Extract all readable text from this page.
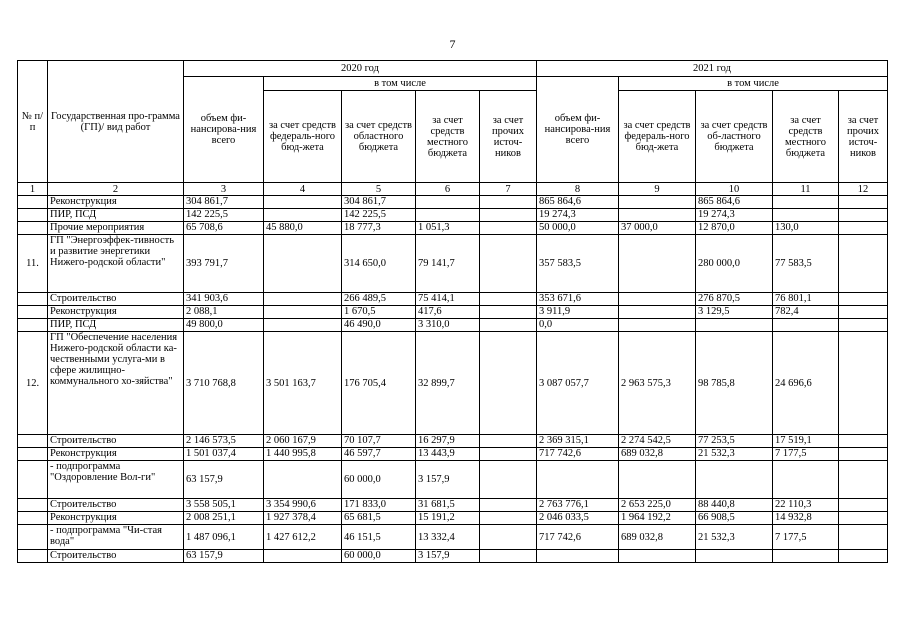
7
№ п/п	Государственная про-грамма (ГП)/ вид работ	2020 год					2021 год				
		объем фи-нансирова-ния всего	в том числе				объем фи-нансирова-ния всего	в том числе			
			за счет средств федераль-ного бюд-жета	за счет средств областного бюджета	за счет средств местного бюджета	за счет прочих источ-ников		за счет средств федераль-ного бюд-жета	за счет средств об-ластного бюджета	за счет средств местного бюджета	за счет прочих источ-ников
1	2	3	4	5	6	7	8	9	10	11	12
	Реконструкция	304 861,7		304 861,7			865 864,6		865 864,6		
	ПИР, ПСД	142 225,5		142 225,5			19 274,3		19 274,3		
	Прочие мероприятия	65 708,6	45 880,0	18 777,3	1 051,3		50 000,0	37 000,0	12 870,0	130,0	
11.	ГП "Энергоэффек-тивность и развитие энергетики Нижего-родской области"	393 791,7		314 650,0	79 141,7		357 583,5		280 000,0	77 583,5	
	Строительство	341 903,6		266 489,5	75 414,1		353 671,6		276 870,5	76 801,1	
	Реконструкция	2 088,1		1 670,5	417,6		3 911,9		3 129,5	782,4	
	ПИР, ПСД	49 800,0		46 490,0	3 310,0		0,0				
12.	ГП "Обеспечение населения Нижего-родской области ка-чественными услуга-ми в сфере жилищно-коммунального хо-зяйства"	3 710 768,8	3 501 163,7	176 705,4	32 899,7		3 087 057,7	2 963 575,3	98 785,8	24 696,6	
	Строительство	2 146 573,5	2 060 167,9	70 107,7	16 297,9		2 369 315,1	2 274 542,5	77 253,5	17 519,1	
	Реконструкция	1 501 037,4	1 440 995,8	46 597,7	13 443,9		717 742,6	689 032,8	21 532,3	7 177,5	
	- подпрограмма "Оздоровление Вол-ги"	63 157,9		60 000,0	3 157,9						
	Строительство	3 558 505,1	3 354 990,6	171 833,0	31 681,5		2 763 776,1	2 653 225,0	88 440,8	22 110,3	
	Реконструкция	2 008 251,1	1 927 378,4	65 681,5	15 191,2		2 046 033,5	1 964 192,2	66 908,5	14 932,8	
	- подпрограмма "Чи-стая вода"	1 487 096,1	1 427 612,2	46 151,5	13 332,4		717 742,6	689 032,8	21 532,3	7 177,5	
	Строительство	63 157,9		60 000,0	3 157,9						
